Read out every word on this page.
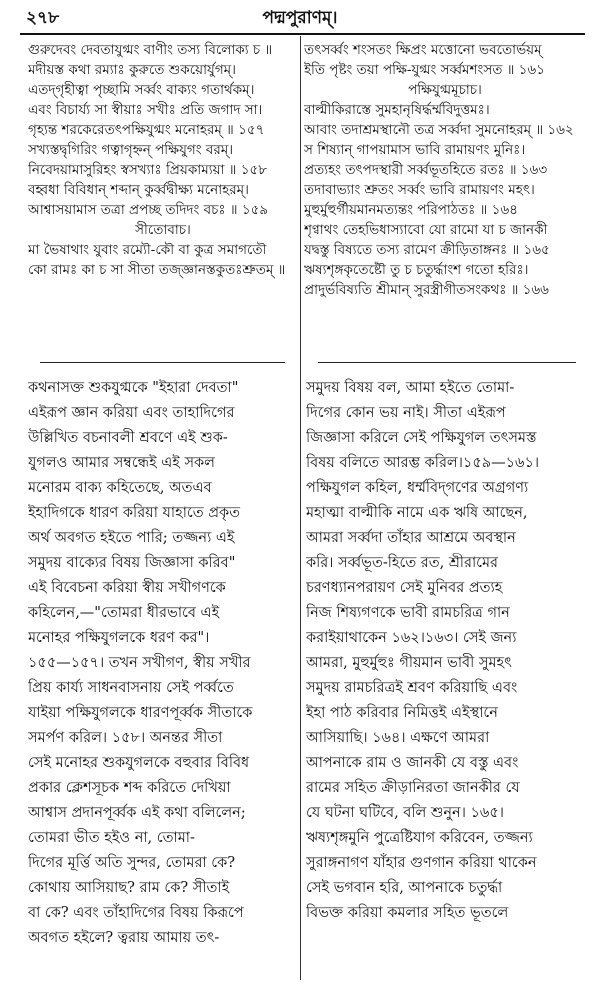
২৭৮	পদ্মপুরাণম্।
গুরুদেবং দেবতাযুগ্মং বাণীং তস্য বিলোক্য চ ॥
মদীয়স্ত কথা রম্যাঃ কুরুতে শুকয়োর্যুগম্।
এতদ্‌গৃহীত্বা পৃচ্ছামি সর্ব্বং বাক্যং গতার্থকম্।
এবং বিচার্য্য সা স্বীয়াঃ সখীঃ প্রতি জগাদ সা।
গৃহ্যন্ত শরকেরেতৎপক্ষিযুগ্মং মনোহরম্ ॥ ১৫৭
সখ্যস্তদ্বৃগিরিং গত্বাগৃহ্নন্ পক্ষিযুগং বরম্।
নিবেদয়ামাসুরিহং স্বসখ্যাঃ প্রিয়কাম্যয়া ॥ ১৫৮
বহ্বধা বিবিধান্ শব্দান্ কুর্ব্বদ্বীক্ষ্য মনোহরম্।
আশ্বাসয়ামাস তত্রা প্রপচ্ছ তদিদং বচঃ ॥ ১৫৯
সীতোবাচ।
মা ভৈষাথাং যুবাং রম্যৌ-কৌ বা কুত্র সমাগতৌ
কো রামঃ কা চ সা সীতা তজ্জ্ঞানস্তকুতঃশ্রুতম্ ॥
তৎসর্ব্বং শংসতং ক্ষিপ্রং মত্তোনো ভবতোর্ভয়ম্
ইতি পৃষ্টং তয়া পক্ষি-যুগ্মং সর্ব্বমশংসত ॥ ১৬১
পক্ষিযুগ্মমূচাচ।
বাল্মীকিরাস্তে সুমহানৃষির্দ্ধর্ম্মবিদুত্তমঃ।
আবাং তদাশ্রমস্থানৌ তত্র সর্ব্বদা সুমনোহরম্ ॥ ১৬২
স শিষ্যান্ গাপয়ামাস ভাবি রামায়ণং মুনিঃ।
প্রত্যহং তৎপদস্থারী সর্ব্বভূতহিতে রতঃ ॥ ১৬৩
তদাবাভ্যাং শ্রুতং সর্ব্বং ভাবি রামায়ণং মহৎ।
মুহুর্মুহুর্গীয়মানমত্যন্তং পরিপাঠতঃ ॥ ১৬৪
শৃণ্বাথং তেহভিধাস্যাবো যো রামো যা চ জানকী
যদ্বস্তু বিষ্যতে তস্য রামেণ ক্রীড়িতাঙ্গনঃ ॥ ১৬৫
ঋষ্যশৃঙ্গকৃতেষ্টৌ তু চ চতুর্দ্ধাংশ গতো হরিঃ।
প্রাদুর্ভবিষ্যতি শ্রীমান্ সুরস্ত্রীগীতসংকথঃ ॥ ১৬৬
কথনাসক্ত শুকযুগ্মকে "ইহারা দেবতা"
এইরূপ জ্ঞান করিয়া এবং তাহাদিগের
উল্লিখিত বচনাবলী শ্রবণে এই শুক-
যুগলও আমার সম্বন্ধেই এই সকল
মনোরম বাক্য কহিতেছে, অতএব
ইহাদিগকে ধারণ করিয়া যাহাতে প্রকৃত
অর্থ অবগত হইতে পারি; তজ্জন্য এই
সমুদয় বাক্যের বিষয় জিজ্ঞাসা করিব"
এই বিবেচনা করিয়া স্বীয় সখীগণকে
কহিলেন,—"তোমরা ধীরভাবে এই
মনোহর পক্ষিযুগলকে ধরণ কর"।
১৫৫—১৫৭। তখন সখীগণ, স্বীয় সখীর
প্রিয় কার্য্য সাধনবাসনায় সেই পর্ব্বতে
যাইয়া পক্ষিযুগলকে ধারণপূর্ব্বক সীতাকে
সমর্পণ করিল। ১৫৮। অনন্তর সীতা
সেই মনোহর শুকযুগলকে বহুবার বিবিধ
প্রকার ক্লেশসূচক শব্দ করিতে দেখিয়া
আশ্বাস প্রদানপূর্ব্বক এই কথা বলিলেন;
তোমরা ভীত হইও না, তোমা-
দিগের মূর্ত্তি অতি সুন্দর, তোমরা কে?
কোথায় আসিয়াছ? রাম কে? সীতাই
বা কে? এবং তাঁহাদিগের বিষয় কিরূপে
অবগত হইলে? ত্বরায় আমায় তৎ-
সমুদয় বিষয় বল, আমা হইতে তোমা-
দিগের কোন ভয় নাই। সীতা এইরূপ
জিজ্ঞাসা করিলে সেই পক্ষিযুগল তৎসমস্ত
বিষয় বলিতে আরম্ভ করিল।১৫৯—১৬১।
পক্ষিযুগল কহিল, ধর্ম্মবিদ্‌গণের অগ্রগণ্য
মহাত্মা বাল্মীকি নামে এক ঋষি আছেন,
আমরা সর্ব্বদা তাঁহার আশ্রমে অবস্থান
করি। সর্ব্বভূত-হিতে রত, শ্রীরামের
চরণধ্যানপরায়ণ সেই মুনিবর প্রত্যহ
নিজ শিষ্যগণকে ভাবী রামচরিত্র গান
করাইয়াথাকেন ১৬২।১৬৩। সেই জন্য
আমরা, মুহুর্মুহুঃ গীয়মান ভাবী সুমহৎ
সমুদয় রামচরিত্রই শ্রবণ করিয়াছি এবং
ইহা পাঠ করিবার নিমিত্তই এইস্থানে
আসিয়াছি। ১৬৪। এক্ষণে আমরা
আপনাকে রাম ও জানকী যে বস্তু এবং
রামের সহিত ক্রীড়ানিরতা জানকীর যে
যে ঘটনা ঘটিবে, বলি শুনুন। ১৬৫।
ঋষ্যশৃঙ্গমুনি পুত্রেষ্টিযাগ করিবেন, তজ্জন্য
সুরাঙ্গনাগণ যাঁহার গুণগান করিয়া থাকেন
সেই ভগবান হরি, আপনাকে চতুর্দ্ধা
বিভক্ত করিয়া কমলার সহিত ভূতলে
